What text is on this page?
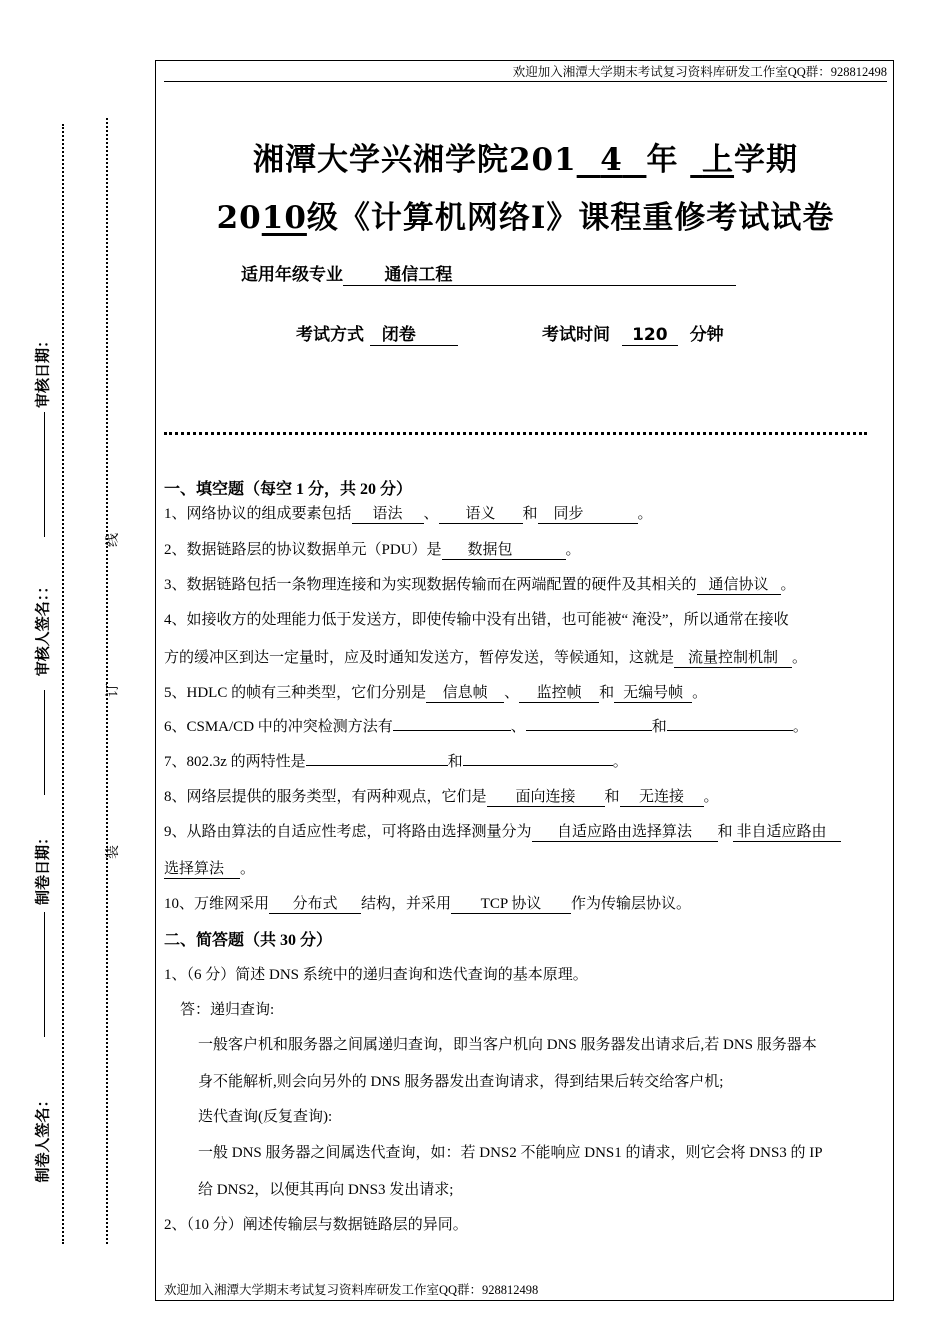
审核日期：
审核人签名：：
制卷日期：
制卷人签名：
线
订
装
欢迎加入湘潭大学期末考试复习资料库研发工作室QQ群：928812498
欢迎加入湘潭大学期末考试复习资料库研发工作室QQ群：928812498
湘潭大学兴湘学院201 4 年 上学期
2010级《计算机网络Ⅰ》课程重修考试试卷
适用年级专业 通信工程
考试方式 闭卷	考试时间 120 分钟
一、填空题（每空 1 分，共 20 分）
1、网络协议的组成要素包括 语法 、 语义 和 同步	。
2、数据链路层的协议数据单元（PDU）是 数据包	。
3、数据链路包括一条物理连接和为实现数据传输而在两端配置的硬件及其相关的 通信协议 。
4、如接收方的处理能力低于发送方，即使传输中没有出错，也可能被“ 淹没”，所以通常在接收
方的缓冲区到达一定量时，应及时通知发送方，暂停发送，等候通知，这就是 流量控制机制 。
5、HDLC 的帧有三种类型，它们分别是 信息帧 、 监控帧 和 无编号帧 。
6、CSMA/CD 中的冲突检测方法有	、	和	。
7、802.3z 的两特性是	和	。
8、网络层提供的服务类型，有两种观点，它们是 面向连接 和 无连接 。
9、从路由算法的自适应性考虑，可将路由选择测量分为 自适应路由选择算法 和 非自适应路由
选择算法 。
10、万维网采用 分布式 结构，并采用 TCP 协议 作为传输层协议。
二、简答题（共 30 分）
1、（6 分）简述 DNS 系统中的递归查询和迭代查询的基本原理。
答：递归查询:
一般客户机和服务器之间属递归查询，即当客户机向 DNS 服务器发出请求后,若 DNS 服务器本
身不能解析,则会向另外的 DNS 服务器发出查询请求，得到结果后转交给客户机;
迭代查询(反复查询):
一般 DNS 服务器之间属迭代查询，如：若 DNS2 不能响应 DNS1 的请求，则它会将 DNS3 的 IP
给 DNS2，以便其再向 DNS3 发出请求;
2、（10 分）阐述传输层与数据链路层的异同。
